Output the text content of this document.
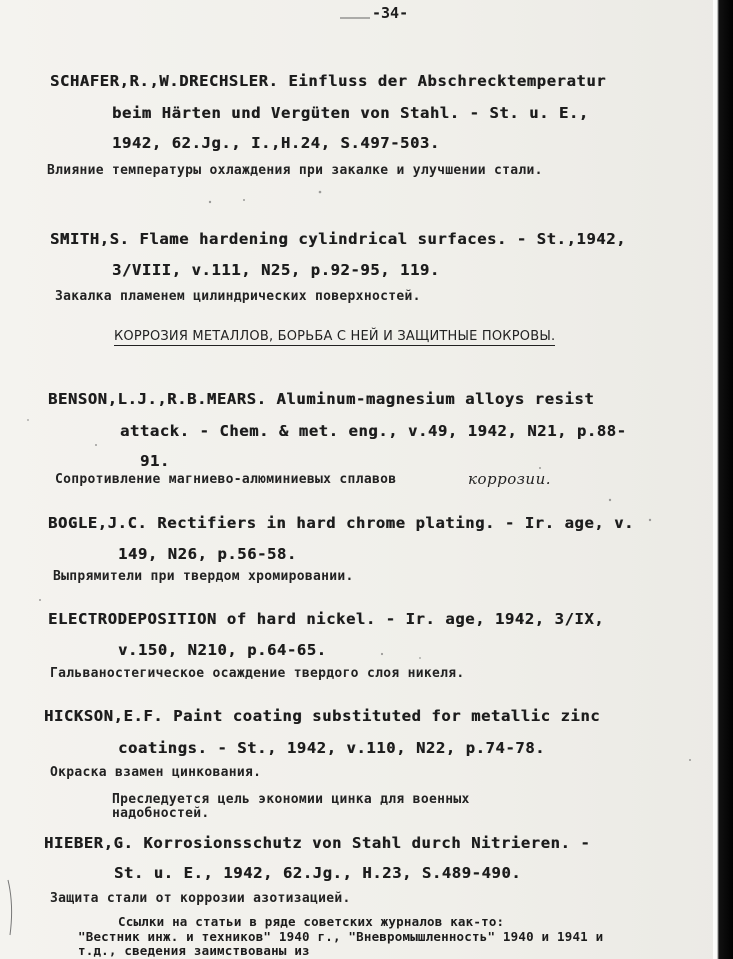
-34-
SCHAFER,R.,W.DRECHSLER. Einfluss der Abschrecktemperatur
beim Härten und Vergüten von Stahl. - St. u. E.,
1942, 62.Jg., I.,H.24, S.497-503.
Влияние температуры охлаждения при закалке и улучшении стали.
SMITH,S. Flame hardening cylindrical surfaces. - St.,1942,
3/VIII, v.111, N25, p.92-95, 119.
Закалка пламенем цилиндрических поверхностей.
КОРРОЗИЯ МЕТАЛЛОВ, БОРЬБА С НЕЙ И ЗАЩИТНЫЕ ПОКРОВЫ.
BENSON,L.J.,R.B.MEARS. Aluminum-magnesium alloys resist
attack. - Chem. & met. eng., v.49, 1942, N21, p.88-
91.
Сопротивление магниево-алюминиевых сплавов	коррозии.
BOGLE,J.C. Rectifiers in hard chrome plating. - Ir. age, v.
149, N26, p.56-58.
Выпрямители при твердом хромировании.
ELECTRODEPOSITION of hard nickel. - Ir. age, 1942, 3/IX,
v.150, N210, p.64-65.
Гальваностегическое осаждение твердого слоя никеля.
HICKSON,E.F. Paint coating substituted for metallic zinc
coatings. - St., 1942, v.110, N22, p.74-78.
Окраска взамен цинкования.
Преследуется цель экономии цинка для военных
надобностей.
HIEBER,G. Korrosionsschutz von Stahl durch Nitrieren. -
St. u. E., 1942, 62.Jg., H.23, S.489-490.
Защита стали от коррозии азотизацией.
Ссылки на статьи в ряде советских журналов как-то:
"Вестник инж. и техников" 1940 г., "Вневромышленность" 1940 и 1941 и
т.д., сведения заимствованы из
